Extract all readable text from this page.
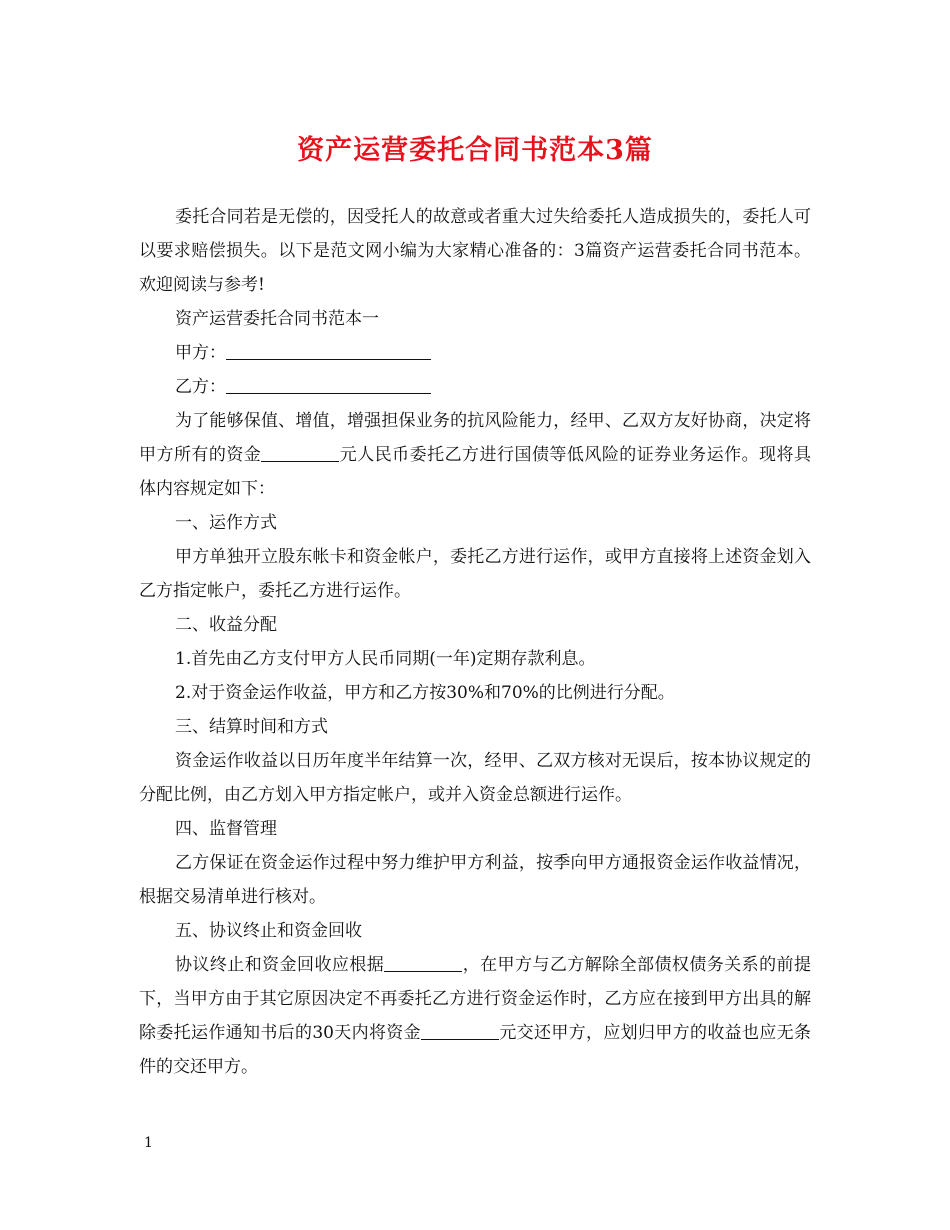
资产运营委托合同书范本3篇

委托合同若是无偿的，因受托人的故意或者重大过失给委托人造成损失的，委托人可以要求赔偿损失。以下是范文网小编为大家精心准备的：3篇资产运营委托合同书范本。欢迎阅读与参考!

资产运营委托合同书范本一

甲方：

乙方：

为了能够保值、增值，增强担保业务的抗风险能力，经甲、乙双方友好协商，决定将甲方所有的资金	元人民币委托乙方进行国债等低风险的证券业务运作。现将具体内容规定如下：

一、运作方式

甲方单独开立股东帐卡和资金帐户，委托乙方进行运作，或甲方直接将上述资金划入乙方指定帐户，委托乙方进行运作。

二、收益分配

1.首先由乙方支付甲方人民币同期(一年)定期存款利息。

2.对于资金运作收益，甲方和乙方按30%和70%的比例进行分配。

三、结算时间和方式

资金运作收益以日历年度半年结算一次，经甲、乙双方核对无误后，按本协议规定的分配比例，由乙方划入甲方指定帐户，或并入资金总额进行运作。

四、监督管理

乙方保证在资金运作过程中努力维护甲方利益，按季向甲方通报资金运作收益情况，根据交易清单进行核对。

五、协议终止和资金回收

协议终止和资金回收应根据	，在甲方与乙方解除全部债权债务关系的前提下，当甲方由于其它原因决定不再委托乙方进行资金运作时，乙方应在接到甲方出具的解除委托运作通知书后的30天内将资金	元交还甲方，应划归甲方的收益也应无条件的交还甲方。

1
